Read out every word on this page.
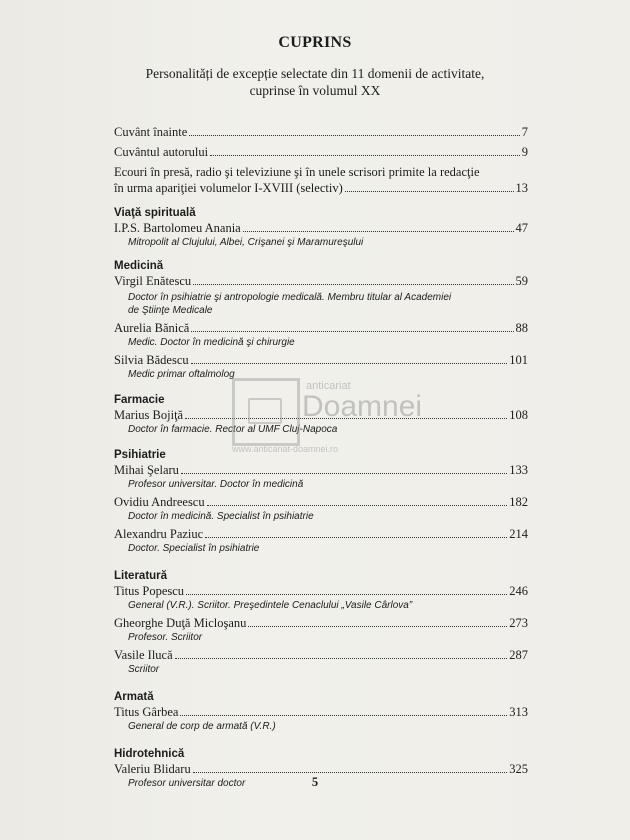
CUPRINS
Personalități de excepție selectate din 11 domenii de activitate,
cuprinse în volumul XX
Cuvânt înainte	7
Cuvântul autorului	9
Ecouri în presă, radio şi televiziune şi în unele scrisori primite la redacţie
în urma apariţiei volumelor I-XVIII (selectiv)	13
Viaţă spirituală
I.P.S. Bartolomeu Anania	47
Mitropolit al Clujului, Albei, Crişanei şi Maramureşului
Medicină
Virgil Enătescu	59
Doctor în psihiatrie şi antropologie medicală. Membru titular al Academiei
de Ştiinţe Medicale
Aurelia Bănică	88
Medic. Doctor în medicină şi chirurgie
Silvia Bădescu	101
Medic primar oftalmolog
Farmacie
Marius Bojiţă	108
Doctor în farmacie. Rector al UMF Cluj-Napoca
Psihiatrie
Mihai Şelaru	133
Profesor universitar. Doctor în medicină
Ovidiu Andreescu	182
Doctor în medicină. Specialist în psihiatrie
Alexandru Paziuc	214
Doctor. Specialist în psihiatrie
Literatură
Titus Popescu	246
General (V.R.). Scriitor. Preşedintele Cenaclului „Vasile Cârlova”
Gheorghe Duţă Micloşanu	273
Profesor. Scriitor
Vasile Ilucă	287
Scriitor
Armată
Titus Gârbea	313
General de corp de armată (V.R.)
Hidrotehnică
Valeriu Blidaru	325
Profesor universitar doctor
anticariat
Doamnei
www.anticariat-doamnei.ro
5
